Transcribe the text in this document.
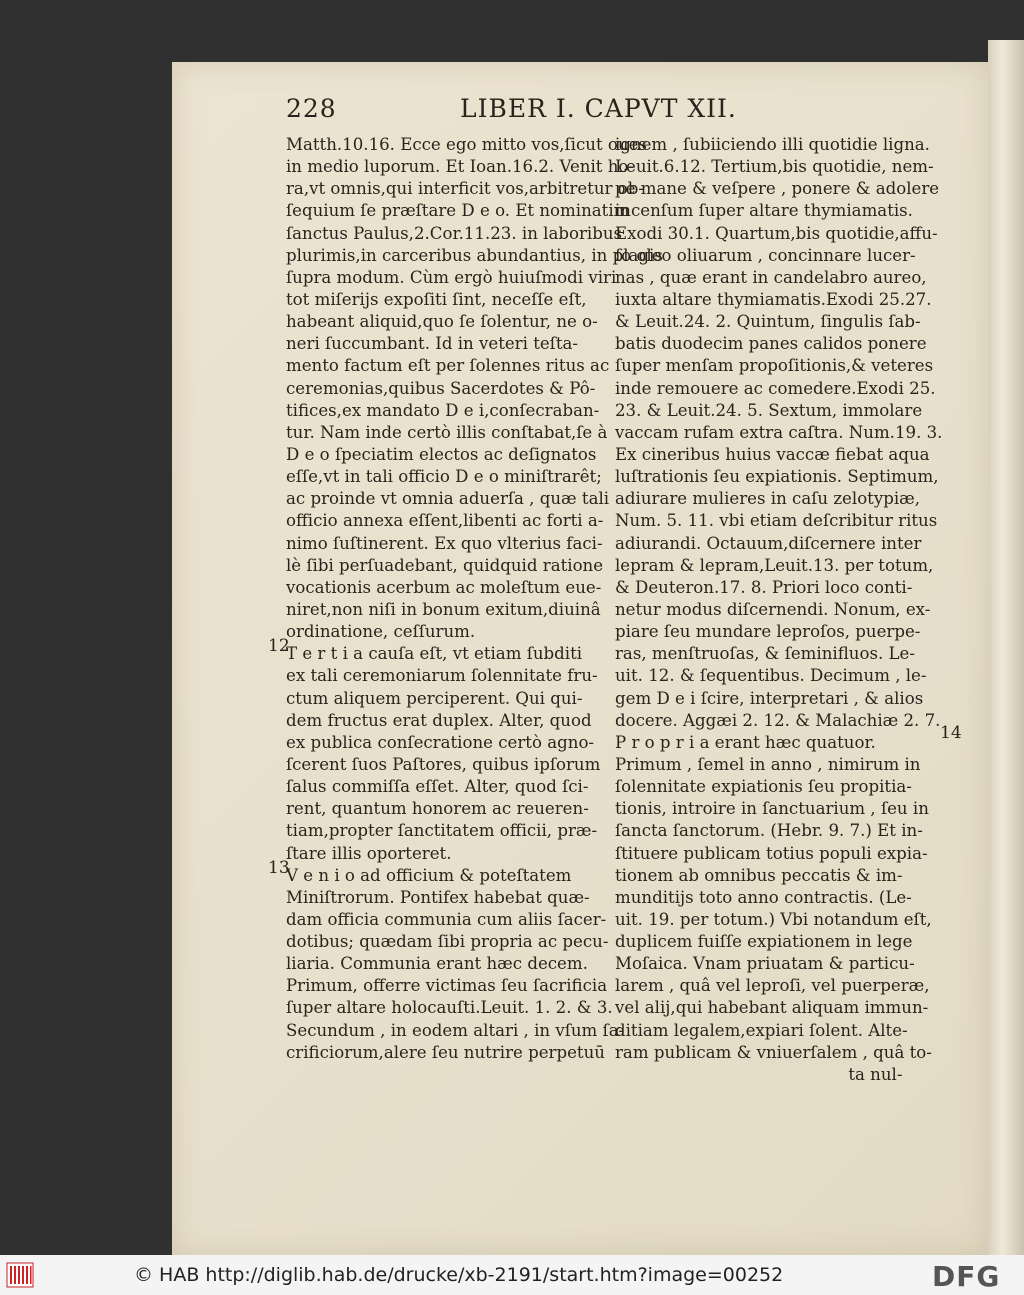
228	LIBER I. CAPVT XII.
Matth.10.16. Ecce ego mitto vos,ſicut oues
in medio luporum. Et Ioan.16.2. Venit ho-
ra,vt omnis,qui interficit vos,arbitretur ob-
ſequium ſe præſtare D e o. Et nominatim
ſanctus Paulus,2.Cor.11.23. in laboribus
plurimis,in carceribus abundantius, in plagis
ſupra modum. Cùm ergò huiuſmodi viri
tot miſerijs expoſiti ſint, neceſſe eſt,
habeant aliquid,quo ſe ſolentur, ne o-
neri ſuccumbant. Id in veteri teſta-
mento factum eſt per ſolennes ritus ac
ceremonias,quibus Sacerdotes & Pô-
tifices,ex mandato D e i,conſecraban-
tur. Nam inde certò illis conſtabat,ſe à
D e o ſpeciatim electos ac deſignatos
eſſe,vt in tali officio D e o miniſtrarêt;
ac proinde vt omnia aduerſa , quæ tali
officio annexa eſſent,libenti ac forti a-
nimo ſuſtinerent. Ex quo vlterius faci-
lè ſibi perſuadebant, quidquid ratione
vocationis acerbum ac moleſtum eue-
niret,non niſi in bonum exitum,diuinâ
ordinatione, ceſſurum.
T e r t i a cauſa eſt, vt etiam ſubditi
ex tali ceremoniarum ſolennitate fru-
ctum aliquem perciperent. Qui qui-
dem fructus erat duplex. Alter, quod
ex publica conſecratione certò agno-
ſcerent ſuos Paſtores, quibus ipſorum
ſalus commiſſa eſſet. Alter, quod ſci-
rent, quantum honorem ac reueren-
tiam,propter ſanctitatem officii, præ-
ſtare illis oporteret.
V e n i o ad officium & poteſtatem
Miniſtrorum. Pontifex habebat quæ-
dam officia communia cum aliis ſacer-
dotibus; quædam ſibi propria ac pecu-
liaria. Communia erant hæc decem.
Primum, offerre victimas ſeu ſacrificia
ſuper altare holocauſti.Leuit. 1. 2. & 3.
Secundum , in eodem altari , in vſum ſa-
crificiorum,alere ſeu nutrire perpetuū
ignem , ſubiiciendo illi quotidie ligna.
Leuit.6.12. Tertium,bis quotidie, nem-
pe mane & veſpere , ponere & adolere
incenſum ſuper altare thymiamatis.
Exodi 30.1. Quartum,bis quotidie,affu-
ſo oleo oliuarum , concinnare lucer-
nas , quæ erant in candelabro aureo,
iuxta altare thymiamatis.Exodi 25.27.
& Leuit.24. 2. Quintum, ſingulis ſab-
batis duodecim panes calidos ponere
ſuper menſam propoſitionis,& veteres
inde remouere ac comedere.Exodi 25.
23. & Leuit.24. 5. Sextum, immolare
vaccam rufam extra caſtra. Num.19. 3.
Ex cineribus huius vaccæ fiebat aqua
luſtrationis ſeu expiationis. Septimum,
adiurare mulieres in caſu zelotypiæ,
Num. 5. 11. vbi etiam deſcribitur ritus
adiurandi. Octauum,diſcernere inter
lepram & lepram,Leuit.13. per totum,
& Deuteron.17. 8. Priori loco conti-
netur modus diſcernendi. Nonum, ex-
piare ſeu mundare leproſos, puerpe-
ras, menſtruoſas, & ſeminifluos. Le-
uit. 12. & ſequentibus. Decimum , le-
gem D e i ſcire, interpretari , & alios
docere. Aggæi 2. 12. & Malachiæ 2. 7.
P r o p r i a erant hæc quatuor.
Primum , ſemel in anno , nimirum in
ſolennitate expiationis ſeu propitia-
tionis, introire in ſanctuarium , ſeu in
ſancta ſanctorum. (Hebr. 9. 7.) Et in-
ſtituere publicam totius populi expia-
tionem ab omnibus peccatis & im-
munditijs toto anno contractis. (Le-
uit. 19. per totum.) Vbi notandum eſt,
duplicem fuiſſe expiationem in lege
Moſaica. Vnam priuatam & particu-
larem , quâ vel leproſi, vel puerperæ,
vel alij,qui habebant aliquam immun-
ditiam legalem,expiari ſolent. Alte-
ram publicam & vniuerſalem , quâ to-
ta nul-
12
13
14
© HAB http://diglib.hab.de/drucke/xb-2191/start.htm?image=00252	DFG
